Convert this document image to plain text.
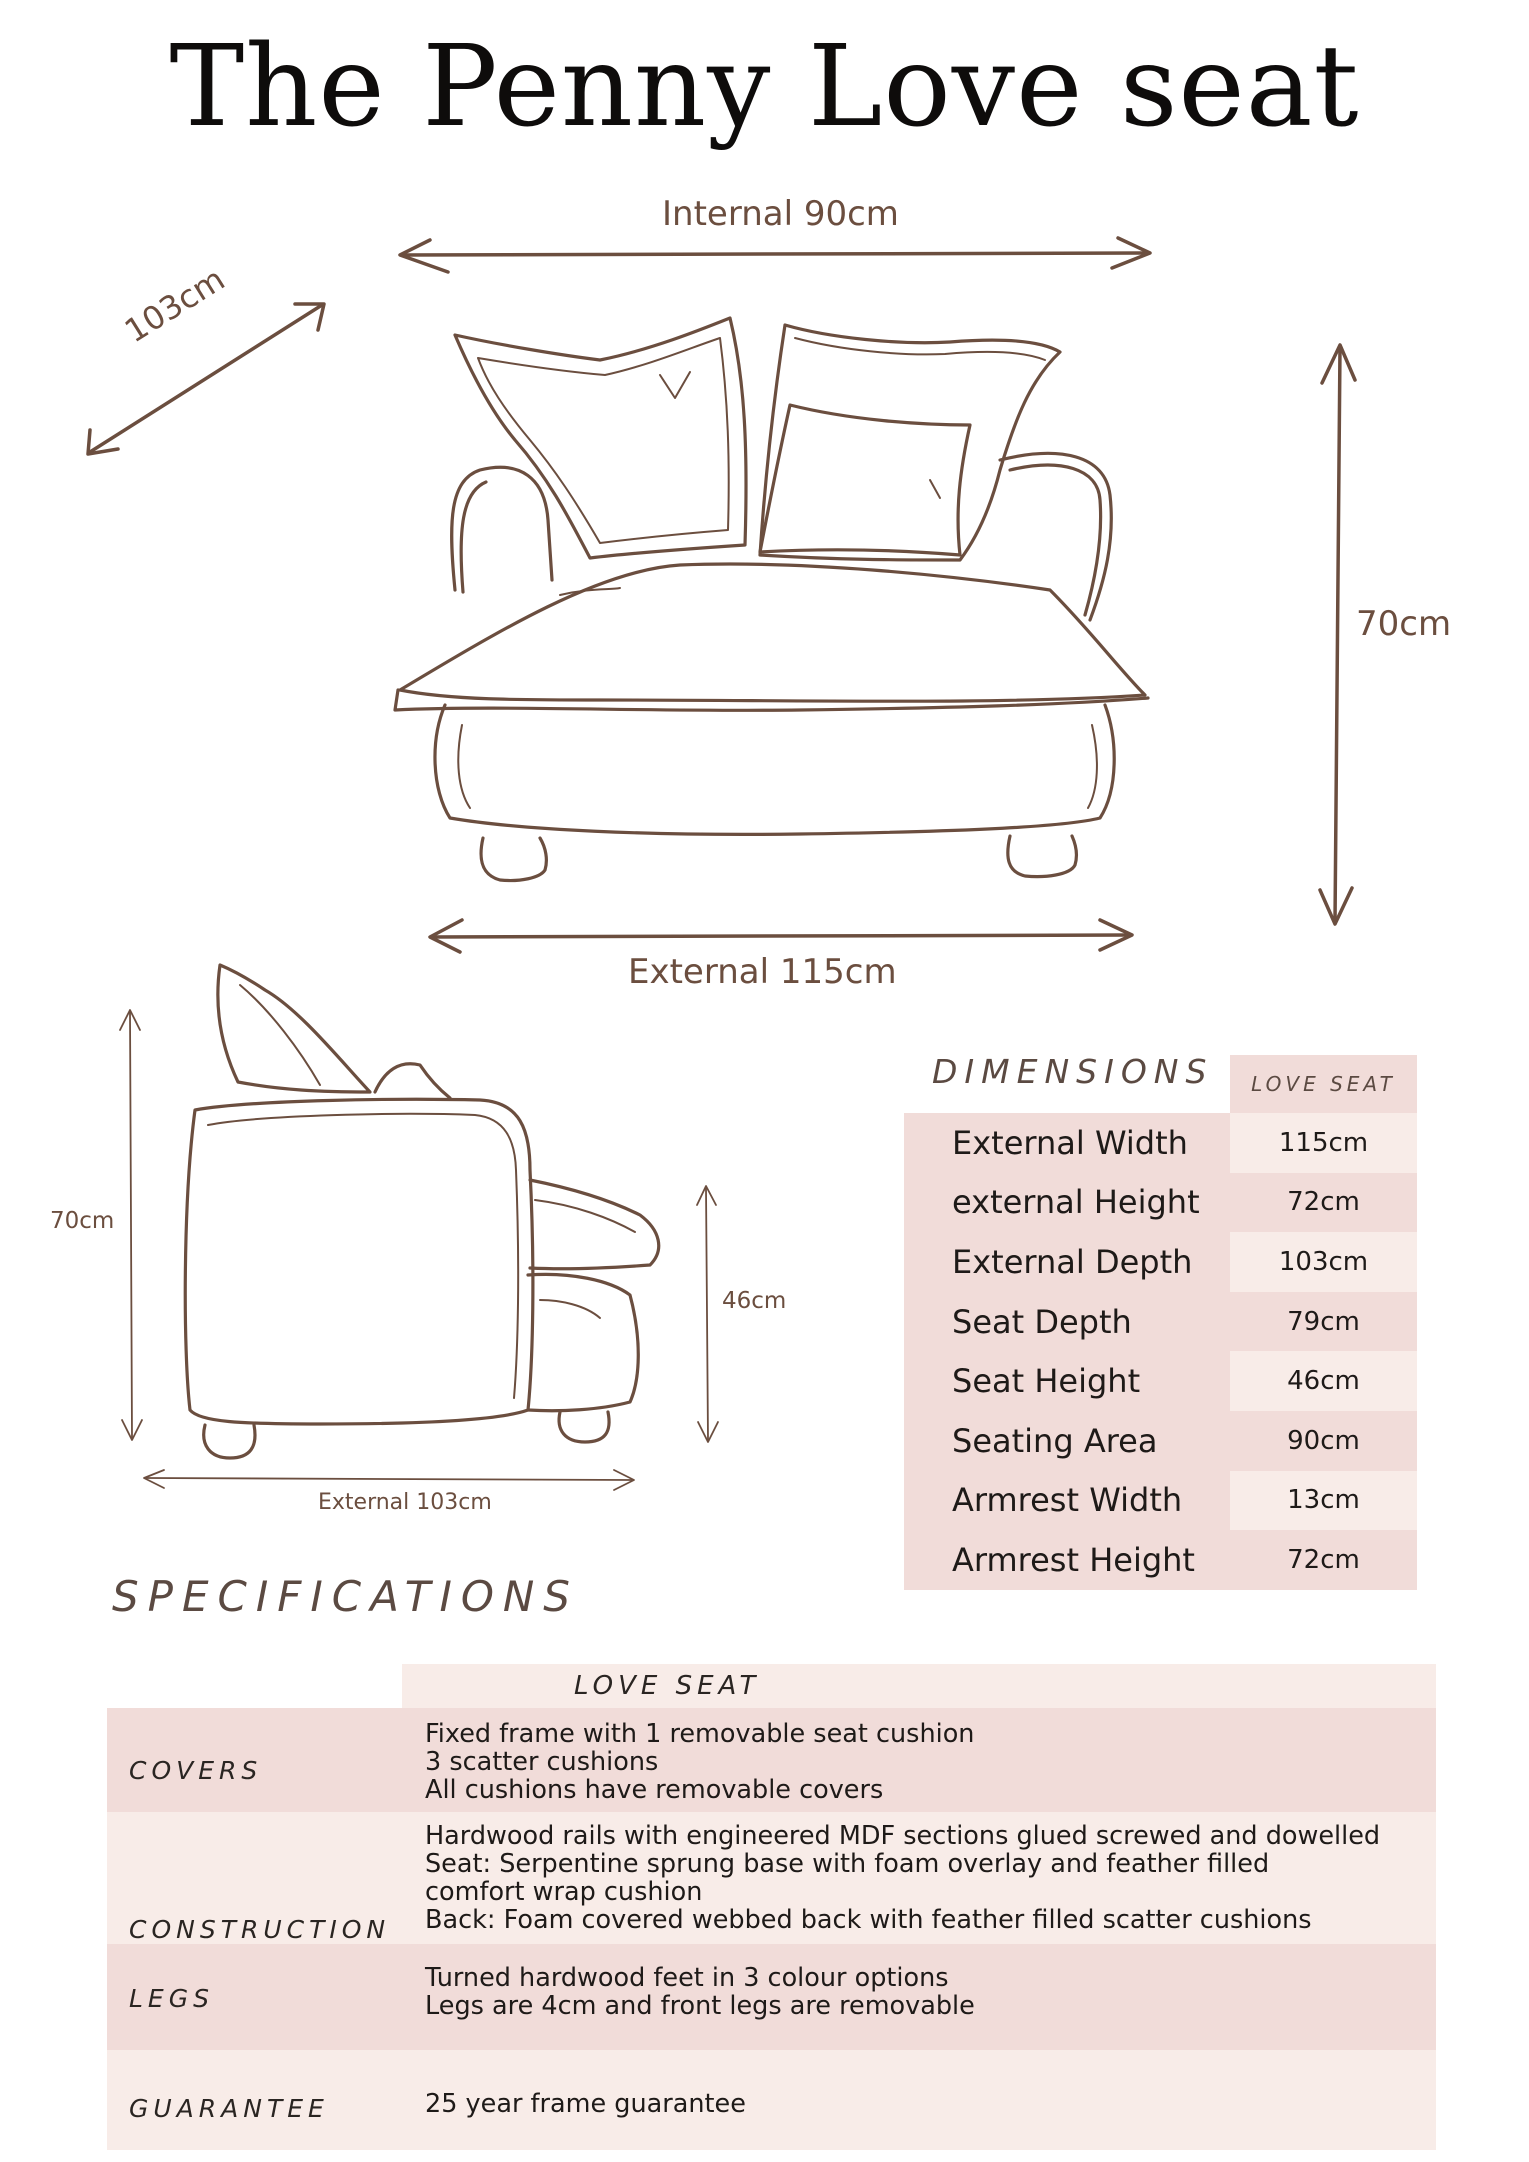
The Penny Love seat
Internal 90cm
103cm
70cm
External 115cm
70cm
46cm
External 103cm
DIMENSIONS	LOVE SEAT
External Width	115cm
external Height	72cm
External Depth	103cm
Seat Depth	79cm
Seat Height	46cm
Seating Area	90cm
Armrest Width	13cm
Armrest Height	72cm
SPECIFICATIONS
LOVE SEAT
COVERS
Fixed frame with 1 removable seat cushion
3 scatter cushions
All cushions have removable covers
CONSTRUCTION
Hardwood rails with engineered MDF sections glued screwed and dowelled
Seat: Serpentine sprung base with foam overlay and feather filled
comfort wrap cushion
Back: Foam covered webbed back with feather filled scatter cushions
LEGS
Turned hardwood feet in 3 colour options
Legs are 4cm and front legs are removable
GUARANTEE	25 year frame guarantee
